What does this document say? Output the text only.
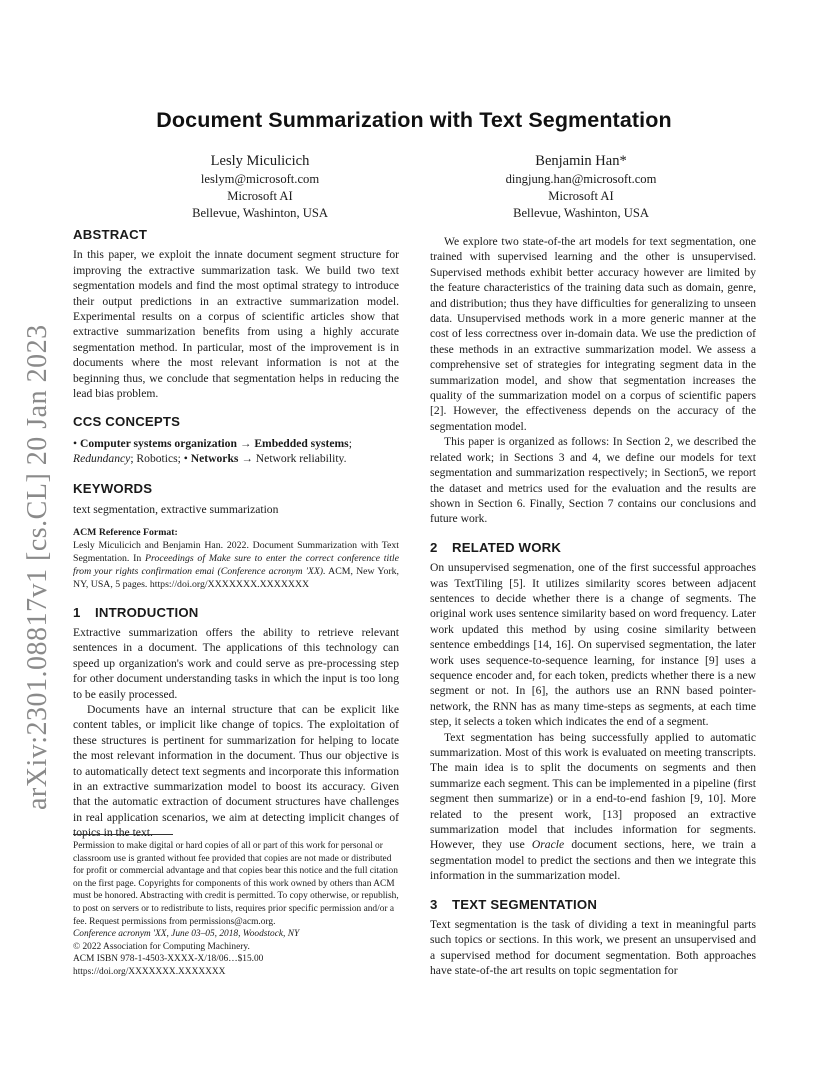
Document Summarization with Text Segmentation
Lesly Miculicich
leslym@microsoft.com
Microsoft AI
Bellevue, Washinton, USA
Benjamin Han*
dingjung.han@microsoft.com
Microsoft AI
Bellevue, Washinton, USA
arXiv:2301.08817v1 [cs.CL] 20 Jan 2023
ABSTRACT

In this paper, we exploit the innate document segment structure for improving the extractive summarization task. We build two text segmentation models and find the most optimal strategy to introduce their output predictions in an extractive summarization model. Experimental results on a corpus of scientific articles show that extractive summarization benefits from using a highly accurate segmentation method. In particular, most of the improvement is in documents where the most relevant information is not at the beginning thus, we conclude that segmentation helps in reducing the lead bias problem.

CCS CONCEPTS

• Computer systems organization → Embedded systems; Redundancy; Robotics; • Networks → Network reliability.

KEYWORDS

text segmentation, extractive summarization

ACM Reference Format:
Lesly Miculicich and Benjamin Han. 2022. Document Summarization with Text Segmentation. In Proceedings of Make sure to enter the correct conference title from your rights confirmation emai (Conference acronym 'XX). ACM, New York, NY, USA, 5 pages. https://doi.org/XXXXXXX.XXXXXXX
1 INTRODUCTION

Extractive summarization offers the ability to retrieve relevant sentences in a document. The applications of this technology can speed up organization's work and could serve as pre-processing step for other document understanding tasks in which the input is too long to be easily processed.

Documents have an internal structure that can be explicit like content tables, or implicit like change of topics. The exploitation of these structures is pertinent for summarization for helping to locate the most relevant information in the document. Thus our objective is to automatically detect text segments and incorporate this information in an extractive summarization model to boost its accuracy. Given that the automatic extraction of document structures have challenges in real application scenarios, we aim at detecting implicit changes of topics in the text.

Permission to make digital or hard copies of all or part of this work for personal or classroom use is granted without fee provided that copies are not made or distributed for profit or commercial advantage and that copies bear this notice and the full citation on the first page. Copyrights for components of this work owned by others than ACM must be honored. Abstracting with credit is permitted. To copy otherwise, or republish, to post on servers or to redistribute to lists, requires prior specific permission and/or a fee. Request permissions from permissions@acm.org.
Conference acronym 'XX, June 03–05, 2018, Woodstock, NY
© 2022 Association for Computing Machinery.
ACM ISBN 978-1-4503-XXXX-X/18/06…$15.00
https://doi.org/XXXXXXX.XXXXXXX

We explore two state-of-the art models for text segmentation, one trained with supervised learning and the other is unsupervised. Supervised methods exhibit better accuracy however are limited by the feature characteristics of the training data such as domain, genre, and distribution; thus they have difficulties for generalizing to unseen data. Unsupervised methods work in a more generic manner at the cost of less correctness over in-domain data. We use the prediction of these methods in an extractive summarization model. We assess a comprehensive set of strategies for integrating segment data in the summarization model, and show that segmentation increases the quality of the summarization model on a corpus of scientific papers [2]. However, the effectiveness depends on the accuracy of the segmentation model.

This paper is organized as follows: In Section 2, we described the related work; in Sections 3 and 4, we define our models for text segmentation and summarization respectively; in Section5, we report the dataset and metrics used for the evaluation and the results are shown in Section 6. Finally, Section 7 contains our conclusions and future work.

2 RELATED WORK

On unsupervised segmenation, one of the first successful approaches was TextTiling [5]. It utilizes similarity scores between adjacent sentences to decide whether there is a change of segments. The original work uses sentence similarity based on word frequency. Later work updated this method by using cosine similarity between sentence embeddings [14, 16]. On supervised segmentation, the later work uses sequence-to-sequence learning, for instance [9] uses a sequence encoder and, for each token, predicts whether there is a new segment or not. In [6], the authors use an RNN based pointer-network, the RNN has as many time-steps as segments, at each time step, it selects a token which indicates the end of a segment.

Text segmentation has being successfully applied to automatic summarization. Most of this work is evaluated on meeting transcripts. The main idea is to split the documents on segments and then summarize each segment. This can be implemented in a pipeline (first segment then summarize) or in a end-to-end fashion [9, 10]. More related to the present work, [13] proposed an extractive summarization model that includes information for segments. However, they use Oracle document sections, here, we train a segmentation model to predict the sections and then we integrate this information in the summarization model.

3 TEXT SEGMENTATION

Text segmentation is the task of dividing a text in meaningful parts such topics or sections. In this work, we present an unsupervised and a supervised method for document segmentation. Both approaches have state-of-the art results on topic segmentation for
